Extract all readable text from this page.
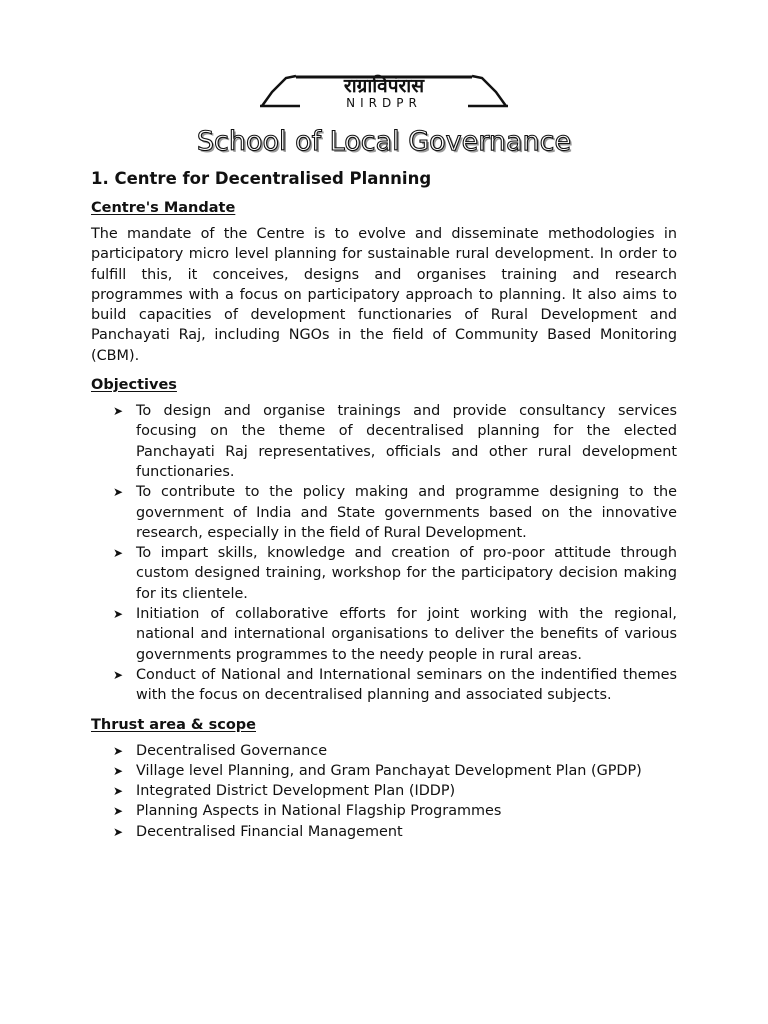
राग्राविपंरास
NIRDPR
School of Local Governance
1. Centre for Decentralised Planning
Centre's Mandate

The mandate of the Centre is to evolve and disseminate methodologies in participatory micro level planning for sustainable rural development. In order to fulfill this, it conceives, designs and organises training and research programmes with a focus on participatory approach to planning. It also aims to build capacities of development functionaries of Rural Development and Panchayati Raj, including NGOs in the field of Community Based Monitoring (CBM).

Objectives
➤ To design and organise trainings and provide consultancy services focusing on the theme of decentralised planning for the elected Panchayati Raj representatives, officials and other rural development functionaries.
➤ To contribute to the policy making and programme designing to the government of India and State governments based on the innovative research, especially in the field of Rural Development.
➤ To impart skills, knowledge and creation of pro-poor attitude through custom designed training, workshop for the participatory decision making for its clientele.
➤ Initiation of collaborative efforts for joint working with the regional, national and international organisations to deliver the benefits of various governments programmes to the needy people in rural areas.
➤ Conduct of National and International seminars on the indentified themes with the focus on decentralised planning and associated subjects.
Thrust area & scope
➤ Decentralised Governance
➤ Village level Planning, and Gram Panchayat Development Plan (GPDP)
➤ Integrated District Development Plan (IDDP)
➤ Planning Aspects in National Flagship Programmes
➤ Decentralised Financial Management
